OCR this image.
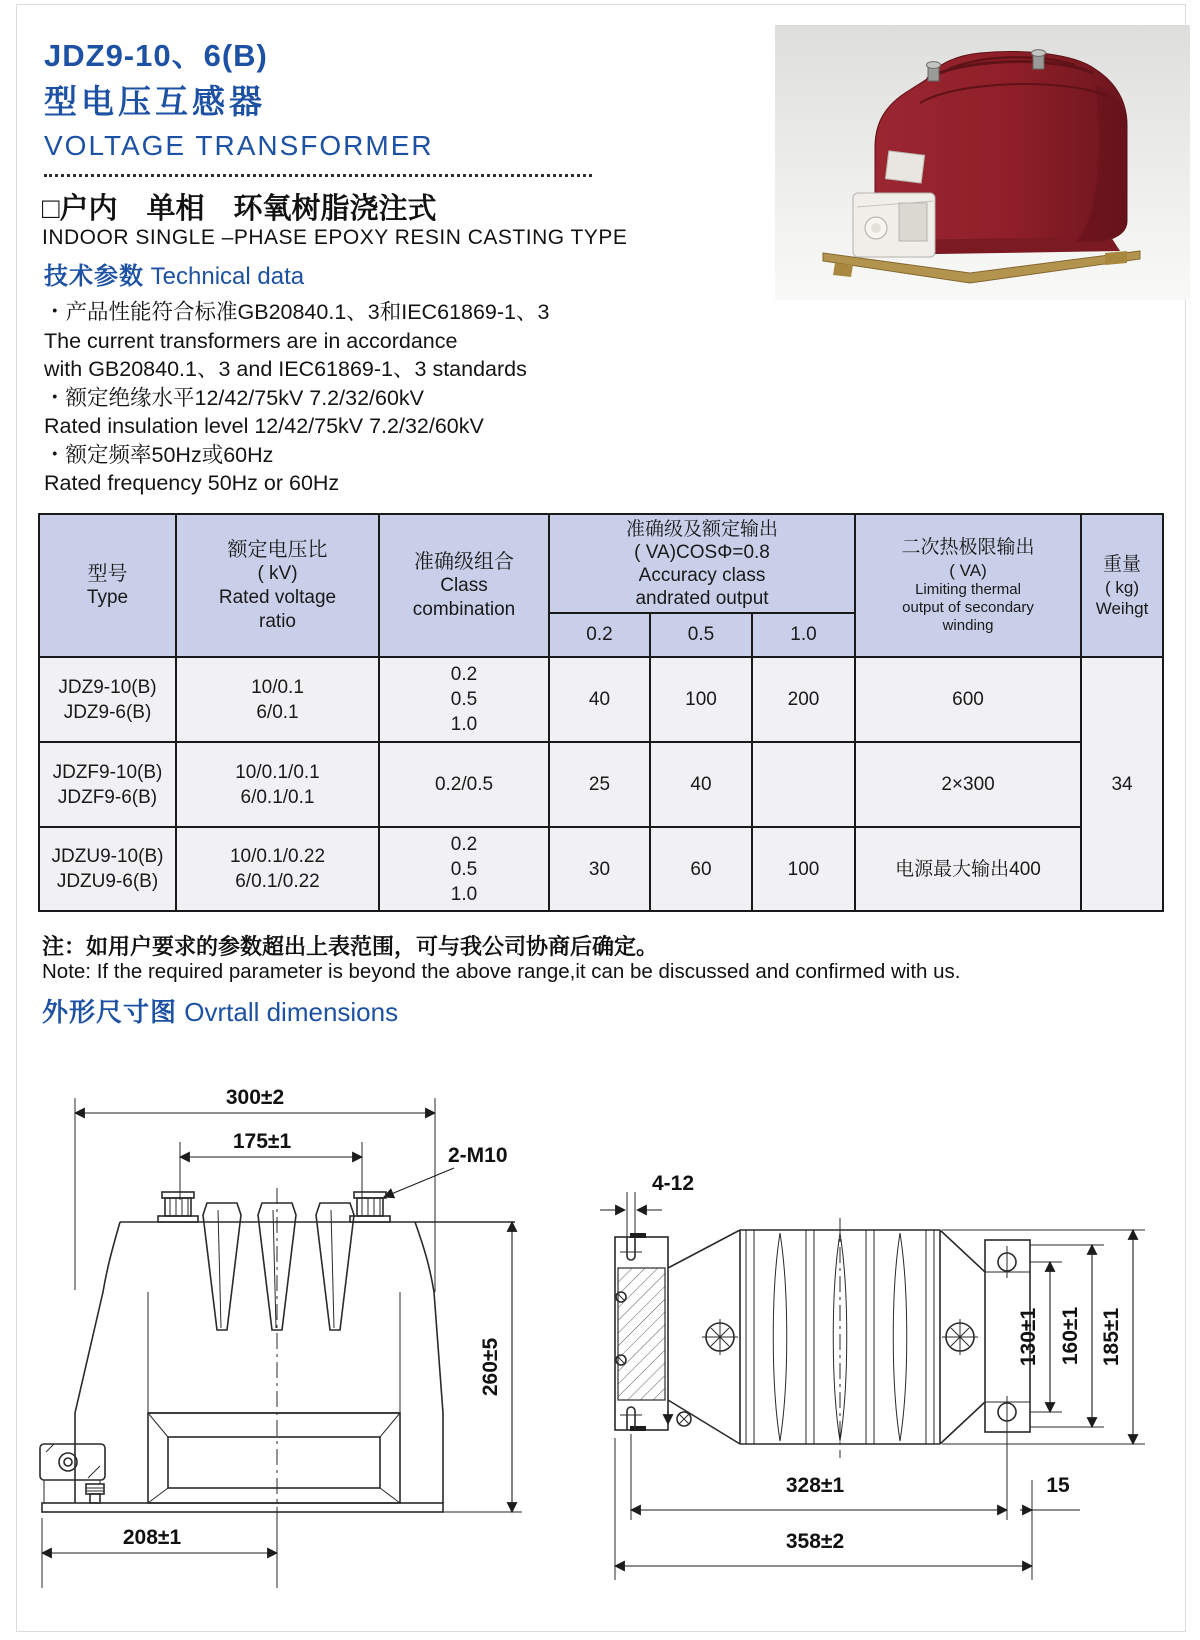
JDZ9-10、6(B)
型电压互感器
VOLTAGE TRANSFORMER
□户内　单相　环氧树脂浇注式
INDOOR SINGLE –PHASE EPOXY RESIN CASTING TYPE
技术参数 Technical data
・产品性能符合标准GB20840.1、3和IEC61869-1、3
The current transformers are in accordance
with GB20840.1、3 and IEC61869-1、3 standards
・额定绝缘水平12/42/75kV 7.2/32/60kV
Rated insulation level 12/42/75kV 7.2/32/60kV
・额定频率50Hz或60Hz
Rated frequency 50Hz or 60Hz
型号
Type	额定电压比
( kV)
Rated voltage
ratio	准确级组合
Class
combination	准确级及额定输出
( VA)COSΦ=0.8
Accuracy class
andrated output			二次热极限输出
( VA)
Limiting thermal
output of secondary
winding	重量
( kg)
Weihgt

			0.2	0.5	1.0		

JDZ9-10(B)
JDZ9-6(B)	10/0.1
6/0.1	0.2
0.5
1.0	40	100	200	600	34

JDZF9-10(B)
JDZF9-6(B)	10/0.1/0.1
6/0.1/0.1	0.2/0.5	25	40		2×300	

JDZU9-10(B)
JDZU9-6(B)	10/0.1/0.22
6/0.1/0.22	0.2
0.5
1.0	30	60	100	电源最大输出400	
注：如用户要求的参数超出上表范围，可与我公司协商后确定。
Note: If the required parameter is beyond the above range,it can be discussed and confirmed with us.
外形尺寸图 Ovrtall dimensions
300±2
175±1
2-M10
208±1
260±5
4-12
130±1 160±1 185±1
328±1	15
358±2
